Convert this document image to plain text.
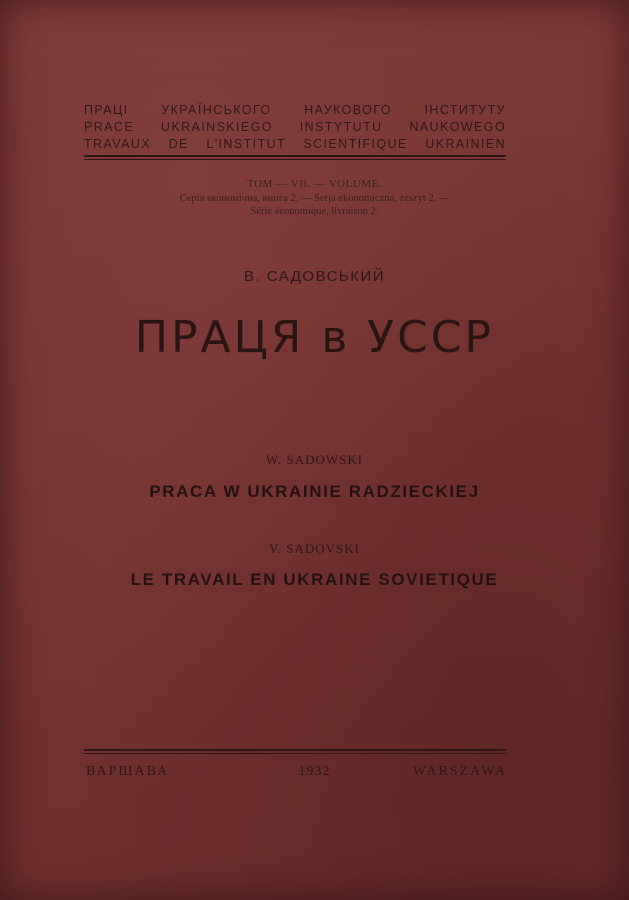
ПРАЦІ УКРАЇНСЬКОГО НАУКОВОГО ІНСТИТУТУ
PRACE UKRAINSKIEGO INSTYTUTU NAUKOWEGO
TRAVAUX DE L'INSTITUT SCIENTIFIQUE UKRAINIEN
ТОМ — VII. — VOLUME.
Серія економічна, книга 2. — Serja ekonomiczna, zeszyt 2. —
Série économique, livraison 2.
В. САДОВСЬКИЙ
ПРАЦЯ в УССР
W. SADOWSKI
PRACA W UKRAINIE RADZIECKIEJ
V. SADOVSKI
LE TRAVAIL EN UKRAINE SOVIETIQUE
ВАРШАВА	1932	WARSZAWA
